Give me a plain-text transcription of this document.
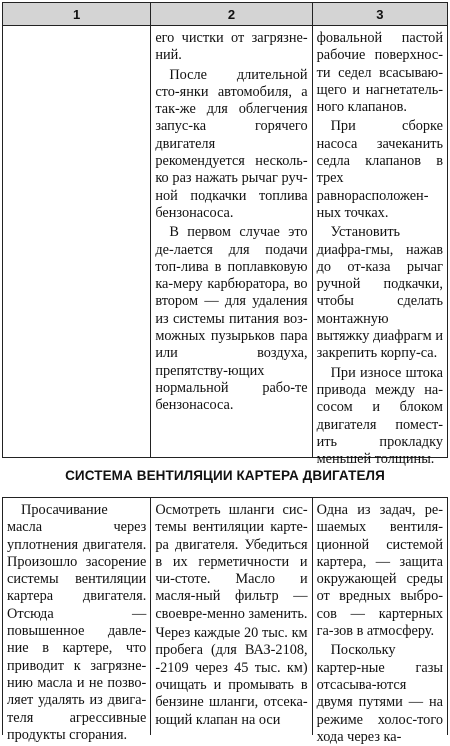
1	2	3

его чистки от загрязне-ний.

После длительной сто-янки автомобиля, а так-же для облегчения запус-ка горячего двигателя рекомендуется несколь-ко раз нажать рычаг руч-ной подкачки топлива бензонасоса.

В первом случае это де-лается для подачи топ-лива в поплавковую ка-меру карбюратора, во втором — для удаления из системы питания воз-можных пузырьков пара или воздуха, препятству-ющих нормальной рабо-те бензонасоса.

фовальной пастой рабочие поверхнос-ти седел всасываю-щего и нагнетатель-ного клапанов.

При сборке насоса зачеканить седла клапанов в трех равнорасположен-ных точках.

Установить диафра-гмы, нажав до от-каза рычаг ручной подкачки, чтобы сделать монтажную вытяжку диафрагм и закрепить корпу-са.

При износе штока привода между на-сосом и блоком двигателя помест-ить прокладку меньшей толщины.

СИСТЕМА ВЕНТИЛЯЦИИ КАРТЕРА ДВИГАТЕЛЯ

Просачивание масла через уплотнения двигателя. Произошло засорение системы вентиляции картера двигателя. Отсюда — повышенное давле-ние в картере, что приводит к загрязне-нию масла и не позво-ляет удалять из двига-теля агрессивные продукты сгорания.

Осмотреть шланги сис-темы вентиляции карте-ра двигателя. Убедиться в их герметичности и чи-стоте. Масло и масля-ный фильтр — своевре-менно заменить.

Через каждые 20 тыс. км пробега (для ВАЗ-2108, -2109 через 45 тыс. км) очищать и промывать в бензине шланги, отсека-ющий клапан на оси

Одна из задач, ре-шаемых вентиля-ционной системой картера, — защита окружающей среды от вредных выбро-сов — картерных га-зов в атмосферу.

Поскольку картер-ные газы отсасыва-ются двумя путями — на режиме холос-того хода через ка-
